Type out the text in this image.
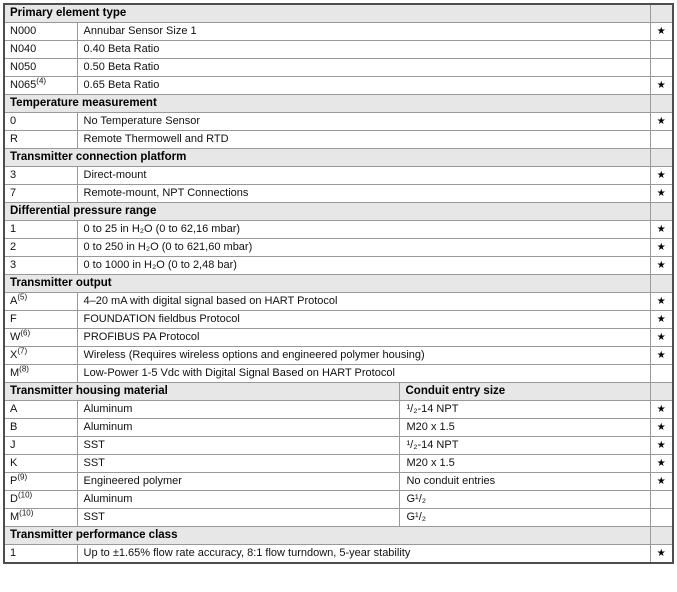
Primary element type			
N000	Annubar Sensor Size 1		★
N040	0.40 Beta Ratio		
N050	0.50 Beta Ratio		
N065$^{(4)}$	0.65 Beta Ratio		★
Temperature measurement			
0	No Temperature Sensor		★
R	Remote Thermowell and RTD		
Transmitter connection platform			
3	Direct-mount		★
7	Remote-mount, NPT Connections		★
Differential pressure range			
1	0 to 25 in H₂O (0 to 62,16 mbar)		★
2	0 to 250 in H₂O (0 to 621,60 mbar)		★
3	0 to 1000 in H₂O (0 to 2,48 bar)		★
Transmitter output			
A$^{(5)}$	4–20 mA with digital signal based on HART Protocol		★
F	FOUNDATION fieldbus Protocol		★
W$^{(6)}$	PROFIBUS PA Protocol		★
X$^{(7)}$	Wireless (Requires wireless options and engineered polymer housing)		★
M$^{(8)}$	Low-Power 1-5 Vdc with Digital Signal Based on HART Protocol		
Transmitter housing material		Conduit entry size	
A	Aluminum	¹/₂-14 NPT	★
B	Aluminum	M20 x 1.5	★
J	SST	¹/₂-14 NPT	★
K	SST	M20 x 1.5	★
P$^{(9)}$	Engineered polymer	No conduit entries	★
D$^{(10)}$	Aluminum	G¹/₂	
M$^{(10)}$	SST	G¹/₂	
Transmitter performance class			
1	Up to ±1.65% flow rate accuracy, 8:1 flow turndown, 5-year stability		★
